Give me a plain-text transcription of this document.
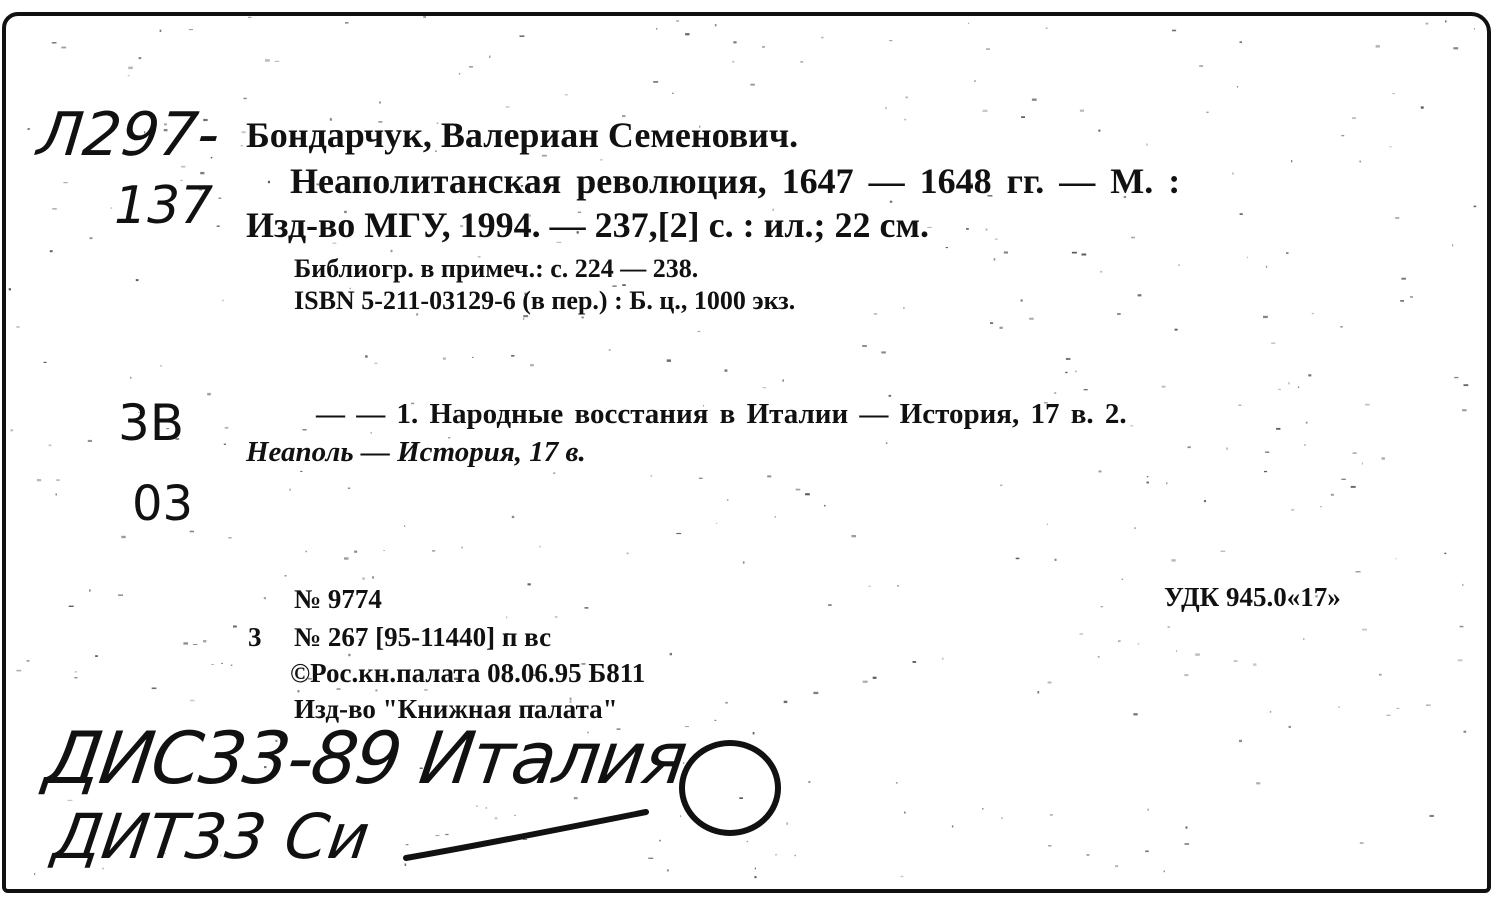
Л297-
137
Бондарчук, Валериан Семенович.
Неаполитанская революция, 1647 — 1648 гг. — М. :
Изд-во МГУ, 1994. — 237,[2] с. : ил.; 22 см.
Библиогр. в примеч.: с. 224 — 238.
ISBN 5-211-03129-6 (в пер.) : Б. ц., 1000 экз.
3В
03
— — 1. Народные восстания в Италии — История, 17 в. 2.
Неаполь — История, 17 в.
№ 9774	УДК 945.0«17»
3 № 267 [95-11440] п вс
©Рос.кн.палата 08.06.95 Б811
Изд-во "Книжная палата"
ДИС33-89 Италия
ДИТ33 Си
